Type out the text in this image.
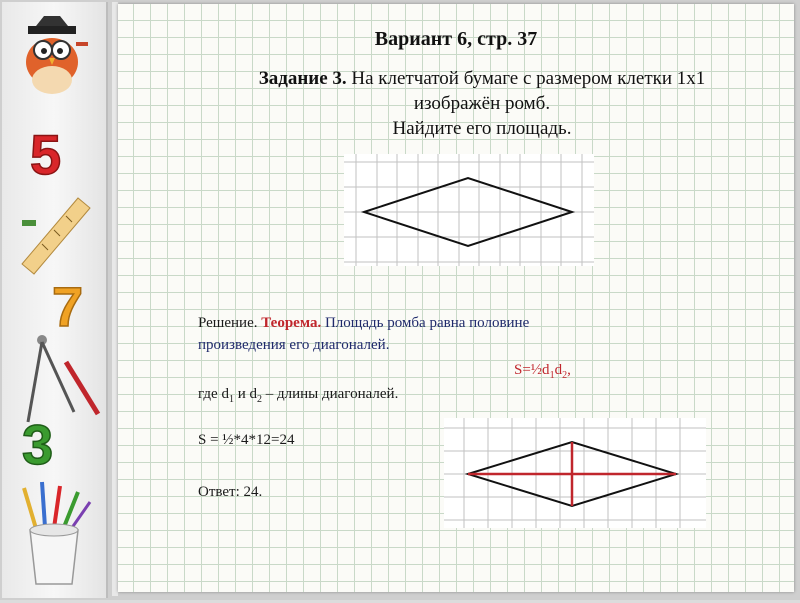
5
7
3
Вариант 6, стр. 37
Задание 3. На клетчатой бумаге с размером клетки 1х1
изображён ромб.
Найдите его площадь.

Решение. Теорема. Площадь ромба равна половине

произведения его диагоналей.

$S=\frac{1}{2}d_1d_2$,
где $d_1$ и $d_2$ – длины диагоналей.
S = ½*4*12=24
Ответ: 24.
